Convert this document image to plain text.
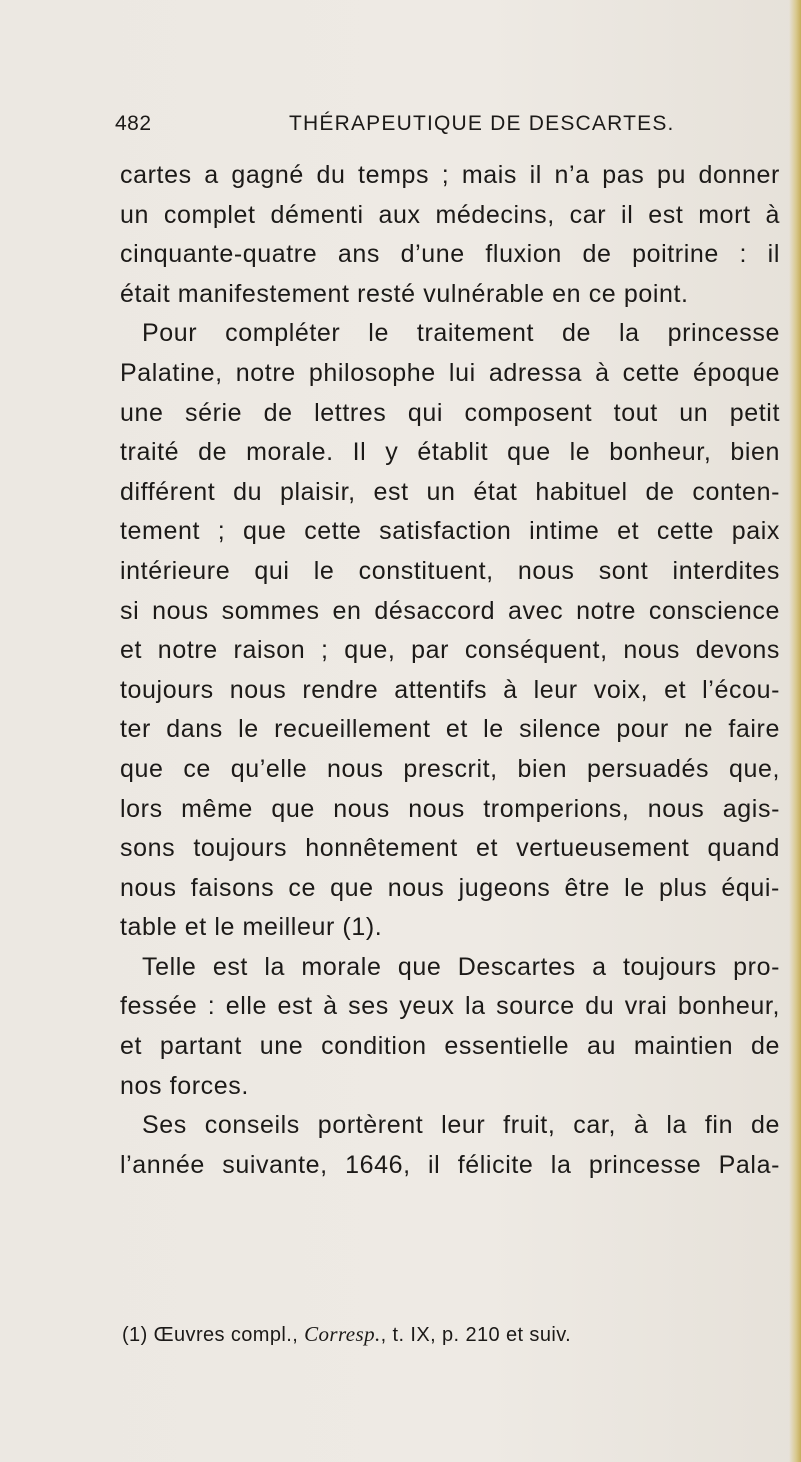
482	THÉRAPEUTIQUE DE DESCARTES.
cartes a gagné du temps ; mais il n’a pas pu donner
un complet démenti aux médecins, car il est mort à
cinquante-quatre ans d’une fluxion de poitrine : il
était manifestement resté vulnérable en ce point.
Pour compléter le traitement de la princesse
Palatine, notre philosophe lui adressa à cette époque
une série de lettres qui composent tout un petit
traité de morale. Il y établit que le bonheur, bien
différent du plaisir, est un état habituel de conten-
tement ; que cette satisfaction intime et cette paix
intérieure qui le constituent, nous sont interdites
si nous sommes en désaccord avec notre conscience
et notre raison ; que, par conséquent, nous devons
toujours nous rendre attentifs à leur voix, et l’écou-
ter dans le recueillement et le silence pour ne faire
que ce qu’elle nous prescrit, bien persuadés que,
lors même que nous nous tromperions, nous agis-
sons toujours honnêtement et vertueusement quand
nous faisons ce que nous jugeons être le plus équi-
table et le meilleur (1).
Telle est la morale que Descartes a toujours pro-
fessée : elle est à ses yeux la source du vrai bonheur,
et partant une condition essentielle au maintien de
nos forces.
Ses conseils portèrent leur fruit, car, à la fin de
l’année suivante, 1646, il félicite la princesse Pala-
(1) Œuvres compl., Corresp., t. IX, p. 210 et suiv.
